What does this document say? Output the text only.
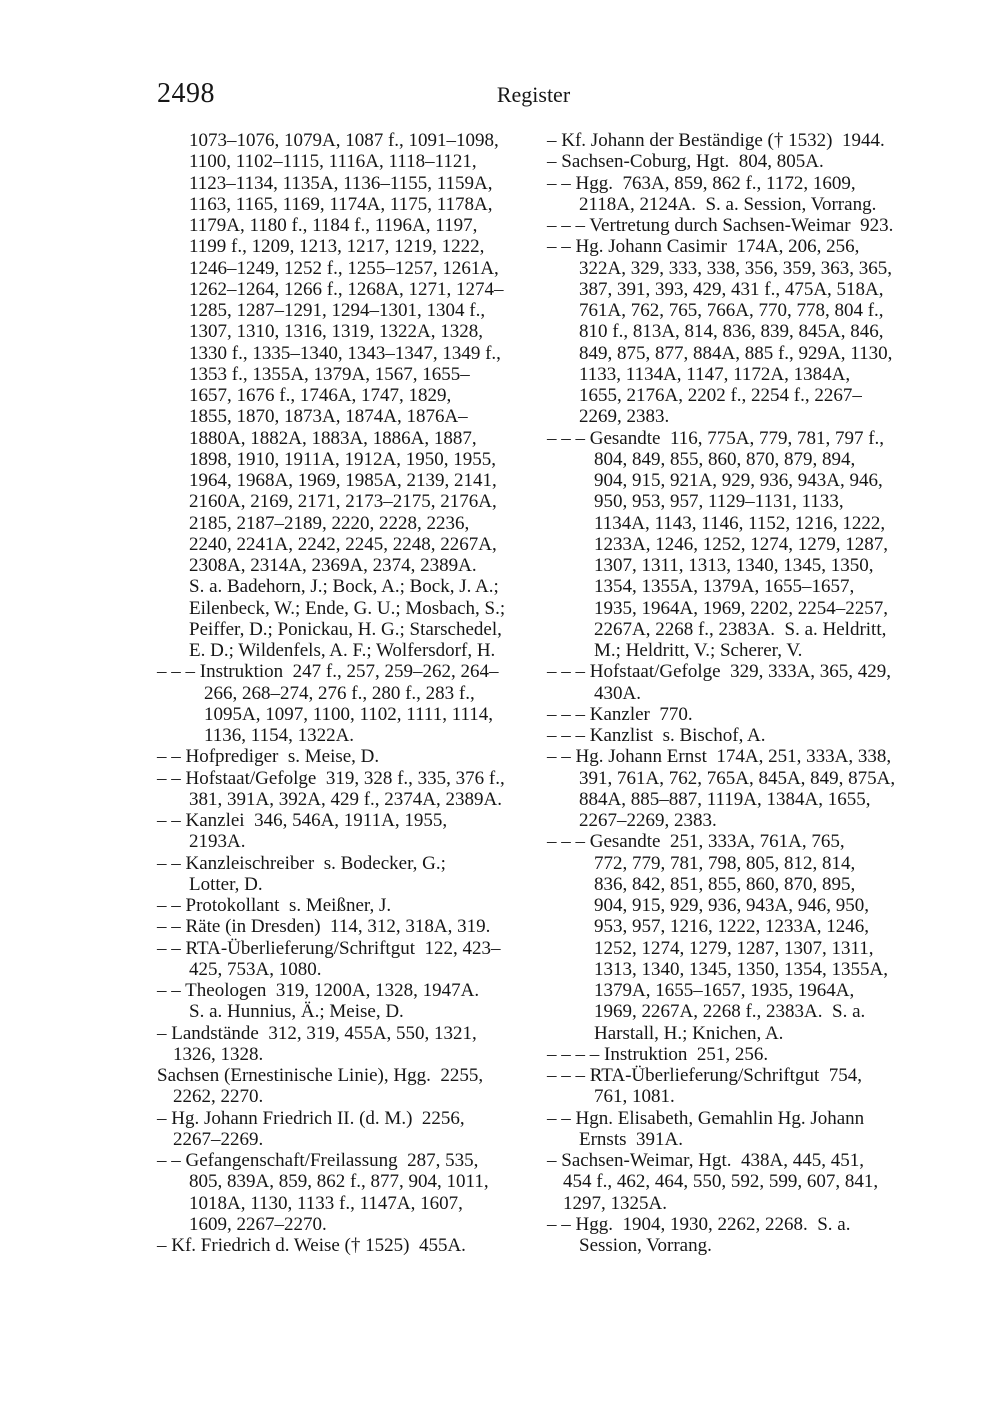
2498	Register
1073–1076, 1079A, 1087 f., 1091–1098,
1100, 1102–1115, 1116A, 1118–1121,
1123–1134, 1135A, 1136–1155, 1159A,
1163, 1165, 1169, 1174A, 1175, 1178A,
1179A, 1180 f., 1184 f., 1196A, 1197,
1199 f., 1209, 1213, 1217, 1219, 1222,
1246–1249, 1252 f., 1255–1257, 1261A,
1262–1264, 1266 f., 1268A, 1271, 1274–
1285, 1287–1291, 1294–1301, 1304 f.,
1307, 1310, 1316, 1319, 1322A, 1328,
1330 f., 1335–1340, 1343–1347, 1349 f.,
1353 f., 1355A, 1379A, 1567, 1655–
1657, 1676 f., 1746A, 1747, 1829,
1855, 1870, 1873A, 1874A, 1876A–
1880A, 1882A, 1883A, 1886A, 1887,
1898, 1910, 1911A, 1912A, 1950, 1955,
1964, 1968A, 1969, 1985A, 2139, 2141,
2160A, 2169, 2171, 2173–2175, 2176A,
2185, 2187–2189, 2220, 2228, 2236,
2240, 2241A, 2242, 2245, 2248, 2267A,
2308A, 2314A, 2369A, 2374, 2389A.
S. a. Badehorn, J.; Bock, A.; Bock, J. A.;
Eilenbeck, W.; Ende, G. U.; Mosbach, S.;
Peiffer, D.; Ponickau, H. G.; Starschedel,
E. D.; Wildenfels, A. F.; Wolfersdorf, H.
– – – Instruktion  247 f., 257, 259–262, 264–
266, 268–274, 276 f., 280 f., 283 f.,
1095A, 1097, 1100, 1102, 1111, 1114,
1136, 1154, 1322A.
– – Hofprediger  s. Meise, D.
– – Hofstaat/Gefolge  319, 328 f., 335, 376 f.,
381, 391A, 392A, 429 f., 2374A, 2389A.
– – Kanzlei  346, 546A, 1911A, 1955,
2193A.
– – Kanzleischreiber  s. Bodecker, G.;
Lotter, D.
– – Protokollant  s. Meißner, J.
– – Räte (in Dresden)  114, 312, 318A, 319.
– – RTA-Überlieferung/Schriftgut  122, 423–
425, 753A, 1080.
– – Theologen  319, 1200A, 1328, 1947A.
S. a. Hunnius, Ä.; Meise, D.
– Landstände  312, 319, 455A, 550, 1321,
1326, 1328.
Sachsen (Ernestinische Linie), Hgg.  2255,
2262, 2270.
– Hg. Johann Friedrich II. (d. M.)  2256,
2267–2269.
– – Gefangenschaft/Freilassung  287, 535,
805, 839A, 859, 862 f., 877, 904, 1011,
1018A, 1130, 1133 f., 1147A, 1607,
1609, 2267–2270.
– Kf. Friedrich d. Weise († 1525)  455A.
– Kf. Johann der Beständige († 1532)  1944.
– Sachsen-Coburg, Hgt.  804, 805A.
– – Hgg.  763A, 859, 862 f., 1172, 1609,
2118A, 2124A.  S. a. Session, Vorrang.
– – – Vertretung durch Sachsen-Weimar  923.
– – Hg. Johann Casimir  174A, 206, 256,
322A, 329, 333, 338, 356, 359, 363, 365,
387, 391, 393, 429, 431 f., 475A, 518A,
761A, 762, 765, 766A, 770, 778, 804 f.,
810 f., 813A, 814, 836, 839, 845A, 846,
849, 875, 877, 884A, 885 f., 929A, 1130,
1133, 1134A, 1147, 1172A, 1384A,
1655, 2176A, 2202 f., 2254 f., 2267–
2269, 2383.
– – – Gesandte  116, 775A, 779, 781, 797 f.,
804, 849, 855, 860, 870, 879, 894,
904, 915, 921A, 929, 936, 943A, 946,
950, 953, 957, 1129–1131, 1133,
1134A, 1143, 1146, 1152, 1216, 1222,
1233A, 1246, 1252, 1274, 1279, 1287,
1307, 1311, 1313, 1340, 1345, 1350,
1354, 1355A, 1379A, 1655–1657,
1935, 1964A, 1969, 2202, 2254–2257,
2267A, 2268 f., 2383A.  S. a. Heldritt,
M.; Heldritt, V.; Scherer, V.
– – – Hofstaat/Gefolge  329, 333A, 365, 429,
430A.
– – – Kanzler  770.
– – – Kanzlist  s. Bischof, A.
– – Hg. Johann Ernst  174A, 251, 333A, 338,
391, 761A, 762, 765A, 845A, 849, 875A,
884A, 885–887, 1119A, 1384A, 1655,
2267–2269, 2383.
– – – Gesandte  251, 333A, 761A, 765,
772, 779, 781, 798, 805, 812, 814,
836, 842, 851, 855, 860, 870, 895,
904, 915, 929, 936, 943A, 946, 950,
953, 957, 1216, 1222, 1233A, 1246,
1252, 1274, 1279, 1287, 1307, 1311,
1313, 1340, 1345, 1350, 1354, 1355A,
1379A, 1655–1657, 1935, 1964A,
1969, 2267A, 2268 f., 2383A.  S. a.
Harstall, H.; Knichen, A.
– – – – Instruktion  251, 256.
– – – RTA-Überlieferung/Schriftgut  754,
761, 1081.
– – Hgn. Elisabeth, Gemahlin Hg. Johann
Ernsts  391A.
– Sachsen-Weimar, Hgt.  438A, 445, 451,
454 f., 462, 464, 550, 592, 599, 607, 841,
1297, 1325A.
– – Hgg.  1904, 1930, 2262, 2268.  S. a.
Session, Vorrang.
